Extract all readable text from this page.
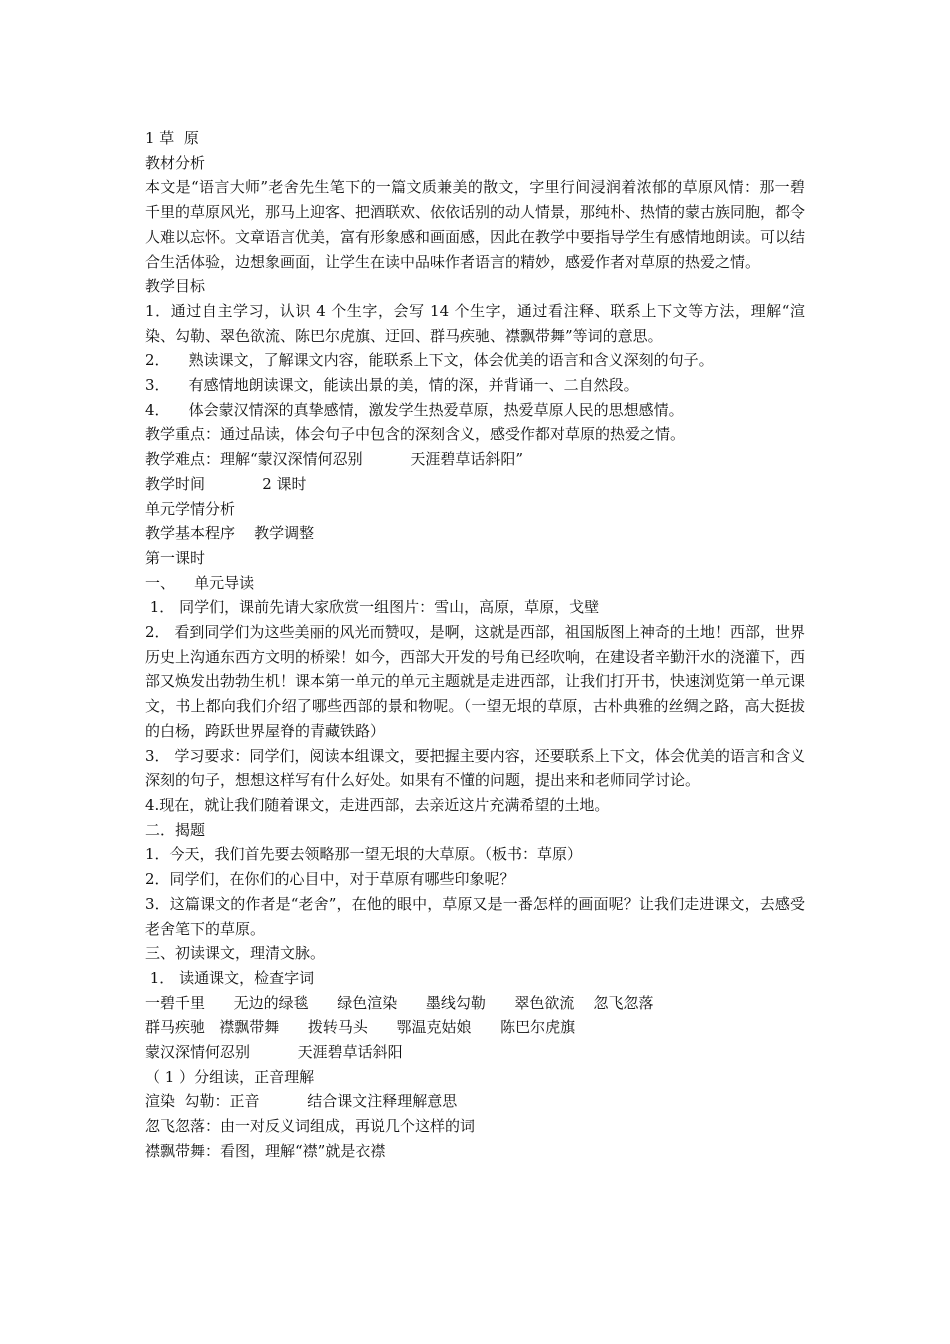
1 草  原

教材分析

本文是“语言大师”老舍先生笔下的一篇文质兼美的散文，字里行间浸润着浓郁的草原风情：那一碧千里的草原风光，那马上迎客、把酒联欢、依依话别的动人情景，那纯朴、热情的蒙古族同胞，都令人难以忘怀。文章语言优美，富有形象感和画面感，因此在教学中要指导学生有感情地朗读。可以结合生活体验，边想象画面，让学生在读中品味作者语言的精妙，感爱作者对草原的热爱之情。

教学目标

1．通过自主学习，认识 4 个生字，会写 14 个生字，通过看注释、联系上下文等方法，理解“渲染、勾勒、翠色欲流、陈巴尔虎旗、迂回、群马疾驰、襟飘带舞”等词的意思。

2．    熟读课文，了解课文内容，能联系上下文，体会优美的语言和含义深刻的句子。

3．    有感情地朗读课文，能读出景的美，情的深，并背诵一、二自然段。

4．    体会蒙汉情深的真挚感情，激发学生热爱草原，热爱草原人民的思想感情。

教学重点：通过品读，体会句子中包含的深刻含义，感受作都对草原的热爱之情。

教学难点：理解“蒙汉深情何忍别          天涯碧草话斜阳”

教学时间            2 课时

单元学情分析

教学基本程序    教学调整

第一课时

一、    单元导读

1． 同学们，课前先请大家欣赏一组图片：雪山，高原，草原，戈壁

2． 看到同学们为这些美丽的风光而赞叹，是啊，这就是西部，祖国版图上神奇的土地！西部，世界历史上沟通东西方文明的桥梁！如今，西部大开发的号角已经吹响，在建设者辛勤汗水的浇灌下，西部又焕发出勃勃生机！课本第一单元的单元主题就是走进西部，让我们打开书，快速浏览第一单元课文，书上都向我们介绍了哪些西部的景和物呢。（一望无垠的草原，古朴典雅的丝绸之路，高大挺拔的白杨，跨跃世界屋脊的青藏铁路）

3． 学习要求：同学们，阅读本组课文，要把握主要内容，还要联系上下文，体会优美的语言和含义深刻的句子，想想这样写有什么好处。如果有不懂的问题，提出来和老师同学讨论。

4.现在，就让我们随着课文，走进西部，去亲近这片充满希望的土地。

二．揭题

1．今天，我们首先要去领略那一望无垠的大草原。（板书：草原）

2．同学们，在你们的心目中，对于草原有哪些印象呢？

3．这篇课文的作者是“老舍”，在他的眼中，草原又是一番怎样的画面呢？让我们走进课文，去感受老舍笔下的草原。

三、初读课文，理清文脉。

1． 读通课文，检查字词

一碧千里      无边的绿毯      绿色渲染      墨线勾勒      翠色欲流    忽飞忽落

群马疾驰   襟飘带舞      拨转马头      鄂温克姑娘      陈巴尔虎旗

蒙汉深情何忍别          天涯碧草话斜阳

（ 1 ）分组读，正音理解

渲染  勾勒：正音          结合课文注释理解意思

忽飞忽落：由一对反义词组成，再说几个这样的词

襟飘带舞：看图，理解“襟”就是衣襟
